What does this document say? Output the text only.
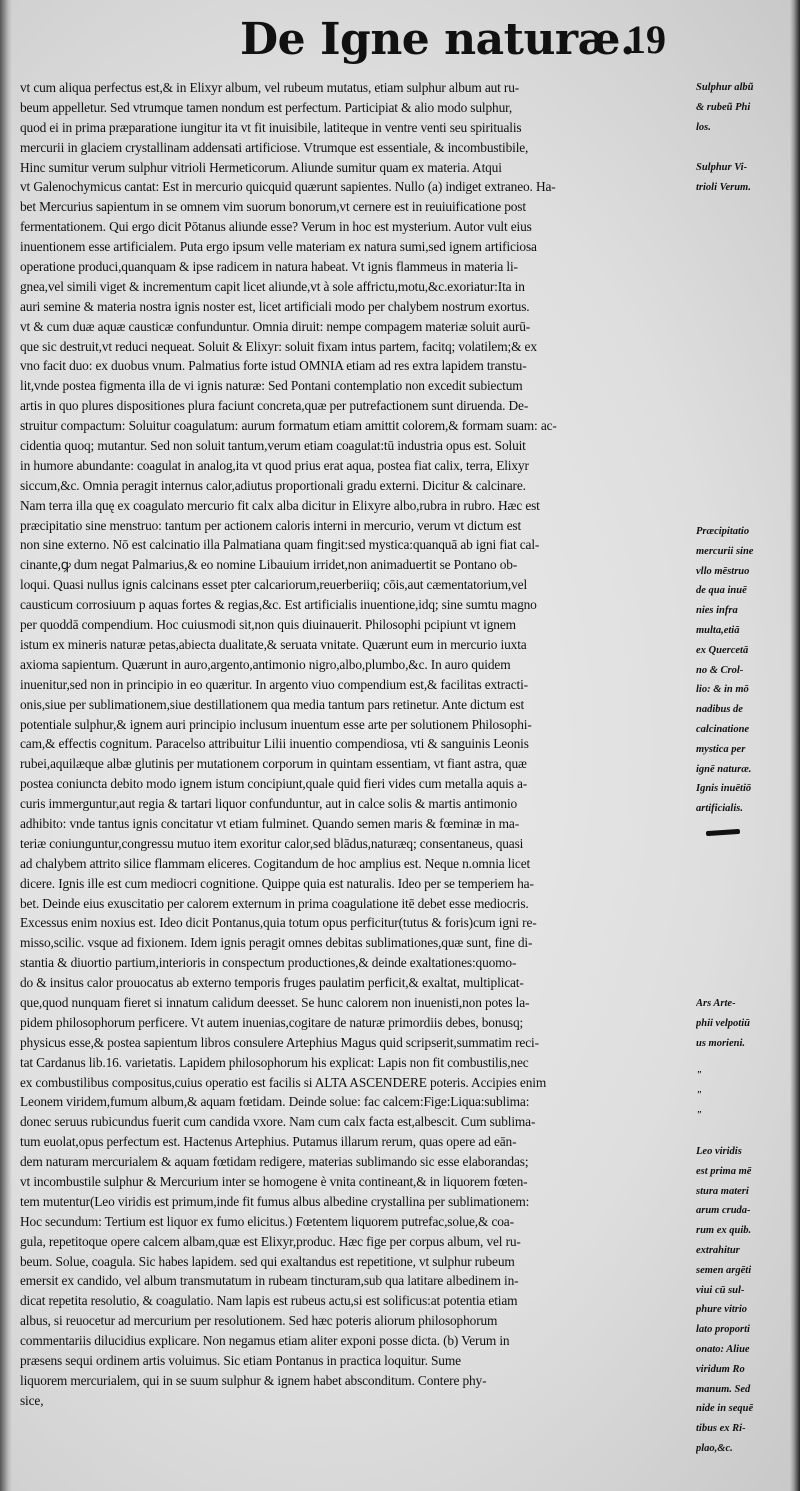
De Igne naturæ.
19
vt cum aliqua perfectus est,& in Elixyr album, vel rubeum mutatus, etiam sulphur album aut ru-
beum appelletur. Sed vtrumque tamen nondum est perfectum. Participiat & alio modo sulphur,
quod ei in prima præparatione iungitur ita vt fit inuisibile, latiteque in ventre venti seu spiritualis
mercurii in glaciem crystallinam addensati artificiose. Vtrumque est essentiale, & incombustibile,
Hinc sumitur verum sulphur vitrioli Hermeticorum. Aliunde sumitur quam ex materia. Atqui
vt Galenochymicus cantat: Est in mercurio quicquid quærunt sapientes. Nullo (a) indiget extraneo. Ha-
bet Mercurius sapientum in se omnem vim suorum bonorum,vt cernere est in reuiuificatione post
fermentationem. Qui ergo dicit Pōtanus aliunde esse? Verum in hoc est mysterium. Autor vult eius
inuentionem esse artificialem. Puta ergo ipsum velle materiam ex natura sumi,sed ignem artificiosa
operatione produci,quanquam & ipse radicem in natura habeat. Vt ignis flammeus in materia li-
gnea,vel simili viget & incrementum capit licet aliunde,vt à sole affrictu,motu,&c.exoriatur:Ita in
auri semine & materia nostra ignis noster est, licet artificiali modo per chalybem nostrum exortus.
vt & cum duæ aquæ causticæ confunduntur. Omnia diruit: nempe compagem materiæ soluit aurū-
que sic destruit,vt reduci nequeat. Soluit & Elixyr: soluit fixam intus partem, facitq; volatilem;& ex
vno facit duo: ex duobus vnum. Palmatius forte istud OMNIA etiam ad res extra lapidem transtu-
lit,vnde postea figmenta illa de vi ignis naturæ: Sed Pontani contemplatio non excedit subiectum
artis in quo plures dispositiones plura faciunt concreta,quæ per putrefactionem sunt diruenda. De-
struitur compactum: Soluitur coagulatum: aurum formatum etiam amittit colorem,& formam suam: ac-
cidentia quoq; mutantur. Sed non soluit tantum,verum etiam coagulat:tū industria opus est. Soluit
in humore abundante: coagulat in analog,ita vt quod prius erat aqua, postea fiat calix, terra, Elixyr
siccum,&c. Omnia peragit internus calor,adiutus proportionali gradu externi. Dicitur & calcinare.
Nam terra illa quę ex coagulato mercurio fit calx alba dicitur in Elixyre albo,rubra in rubro. Hæc est
præcipitatio sine menstruo: tantum per actionem caloris interni in mercurio, verum vt dictum est
non sine externo. Nō est calcinatio illa Palmatiana quam fingit:sed mystica:quanquā ab igni fiat cal-
cinante,ꝙ dum negat Palmarius,& eo nomine Libauium irridet,non animaduertit se Pontano ob-
loqui. Quasi nullus ignis calcinans esset pter calcariorum,reuerberiiq; cōis,aut cæmentatorium,vel
causticum corrosiuum p aquas fortes & regias,&c. Est artificialis inuentione,idq; sine sumtu magno
per quoddā compendium. Hoc cuiusmodi sit,non quis diuinauerit. Philosophi pcipiunt vt ignem
istum ex mineris naturæ petas,abiecta dualitate,& seruata vnitate. Quærunt eum in mercurio iuxta
axioma sapientum. Quærunt in auro,argento,antimonio nigro,albo,plumbo,&c. In auro quidem
inuenitur,sed non in principio in eo quæritur. In argento viuo compendium est,& facilitas extracti-
onis,siue per sublimationem,siue destillationem qua media tantum pars retinetur. Ante dictum est
potentiale sulphur,& ignem auri principio inclusum inuentum esse arte per solutionem Philosophi-
cam,& effectis cognitum. Paracelso attribuitur Lilii inuentio compendiosa, vti & sanguinis Leonis
rubei,aquilæque albæ glutinis per mutationem corporum in quintam essentiam, vt fiant astra, quæ
postea coniuncta debito modo ignem istum concipiunt,quale quid fieri vides cum metalla aquis a-
curis immerguntur,aut regia & tartari liquor confunduntur, aut in calce solis & martis antimonio
adhibito: vnde tantus ignis concitatur vt etiam fulminet. Quando semen maris & fœminæ in ma-
teriæ coniunguntur,congressu mutuo item exoritur calor,sed blādus,naturæq; consentaneus, quasi
ad chalybem attrito silice flammam eliceres. Cogitandum de hoc amplius est. Neque n.omnia licet
dicere. Ignis ille est cum mediocri cognitione. Quippe quia est naturalis. Ideo per se temperiem ha-
bet. Deinde eius exuscitatio per calorem externum in prima coagulatione itē debet esse mediocris.
Excessus enim noxius est. Ideo dicit Pontanus,quia totum opus perficitur(tutus & foris)cum igni re-
misso,scilic. vsque ad fixionem. Idem ignis peragit omnes debitas sublimationes,quæ sunt, fine di-
stantia & diuortio partium,interioris in conspectum productiones,& deinde exaltationes:quomo-
do & insitus calor prouocatus ab externo temporis fruges paulatim perficit,& exaltat, multiplicat-
que,quod nunquam fieret si innatum calidum deesset. Se hunc calorem non inuenisti,non potes la-
pidem philosophorum perficere. Vt autem inuenias,cogitare de naturæ primordiis debes, bonusq;
physicus esse,& postea sapientum libros consulere Artephius Magus quid scripserit,summatim reci-
tat Cardanus lib.16. varietatis. Lapidem philosophorum his explicat: Lapis non fit combustilis,nec
ex combustilibus compositus,cuius operatio est facilis si ALTA ASCENDERE poteris. Accipies enim
Leonem viridem,fumum album,& aquam fœtidam. Deinde solue: fac calcem:Fige:Liqua:sublima:
donec seruus rubicundus fuerit cum candida vxore. Nam cum calx facta est,albescit. Cum sublima-
tum euolat,opus perfectum est. Hactenus Artephius. Putamus illarum rerum, quas opere ad eān-
dem naturam mercurialem & aquam fœtidam redigere, materias sublimando sic esse elaborandas;
vt incombustile sulphur & Mercurium inter se homogene è vnita contineant,& in liquorem fœten-
tem mutentur(Leo viridis est primum,inde fit fumus albus albedine crystallina per sublimationem:
Hoc secundum: Tertium est liquor ex fumo elicitus.) Fœtentem liquorem putrefac,solue,& coa-
gula, repetitoque opere calcem albam,quæ est Elixyr,produc. Hæc fige per corpus album, vel ru-
beum. Solue, coagula. Sic habes lapidem. sed qui exaltandus est repetitione, vt sulphur rubeum
emersit ex candido, vel album transmutatum in rubeam tincturam,sub qua latitare albedinem in-
dicat repetita resolutio, & coagulatio. Nam lapis est rubeus actu,si est solificus:at potentia etiam
albus, si reuocetur ad mercurium per resolutionem. Sed hæc poteris aliorum philosophorum
commentariis dilucidius explicare. Non negamus etiam aliter exponi posse dicta. (b) Verum in
præsens sequi ordinem artis voluimus. Sic etiam Pontanus in practica loquitur. Sume
liquorem mercurialem, qui in se suum sulphur & ignem habet absconditum. Contere phy-
sice,
Sulphur albũ
& rubeũ Phi
los.
Sulphur Vi-
trioli Verum.
Præcipitatio
mercurii sine
vllo mēstruo
de qua inuē
nies infra
multa,etiā
ex Quercetā
no & Crol-
lio: & in mō
nadibus de
calcinatione
mystica per
ignē naturæ.
Ignis inuētiō
artificialis.
Ars Arte-
phii velpotiū
us morieni.
"
"
"
Leo viridis
est prima mē
stura materi
arum cruda-
rum ex quib.
extrahitur
semen argēti
viui cū sul-
phure vitrio
lato proporti
onato: Aliue
viridum Ro
manum. Sed
nide in sequē
tibus ex Ri-
plao,&c.
